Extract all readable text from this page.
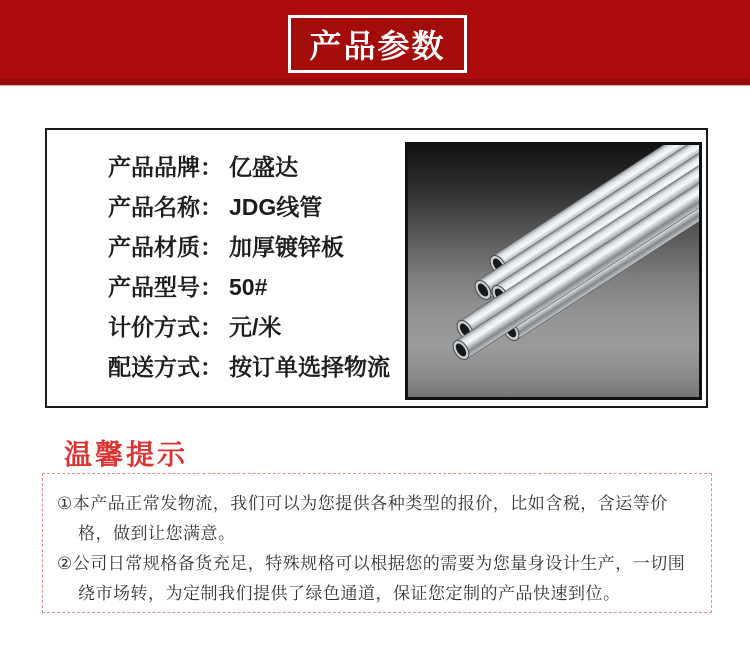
产品参数
产品品牌： 亿盛达
产品名称： JDG线管
产品材质： 加厚镀锌板
产品型号： 50#
计价方式： 元/米
配送方式： 按订单选择物流
温馨提示

①本产品正常发物流，我们可以为您提供各种类型的报价，比如含税，含运等价格，做到让您满意。

②公司日常规格备货充足，特殊规格可以根据您的需要为您量身设计生产，一切围绕市场转，为定制我们提供了绿色通道，保证您定制的产品快速到位。
